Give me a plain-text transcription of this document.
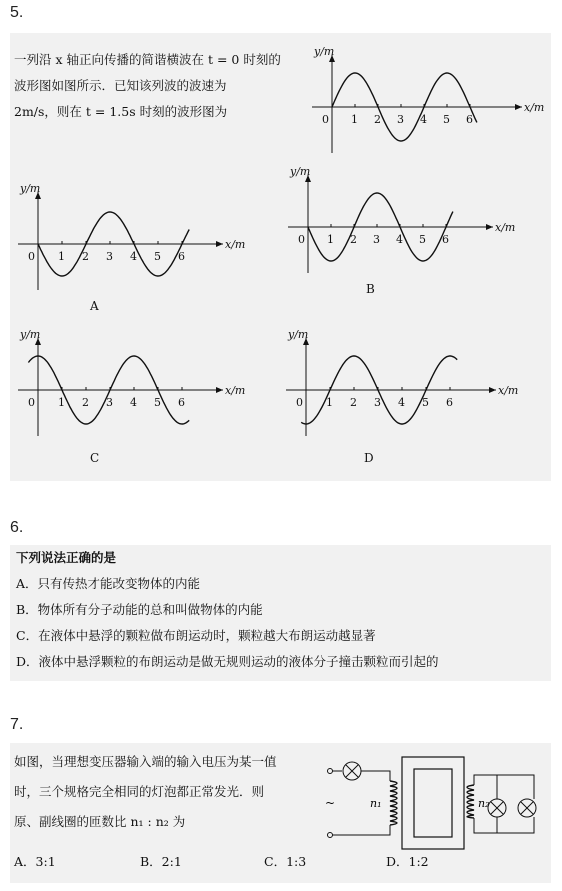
5.
一列沿 x 轴正向传播的简谐横波在 t = 0 时刻的
波形图如图所示．已知该列波的波速为
2m/s，则在 t = 1.5s 时刻的波形图为
y/m
x/m
0 1 2 3 4 5 6
y/m
x/m
0 1 2 3 4 5 6
A
y/m
x/m
0 1 2 3 4 5 6
B
y/m
x/m
0 1 2 3 4 5 6
C
y/m
x/m
0 1 2 3 4 5 6
D
6.
下列说法正确的是
A．只有传热才能改变物体的内能
B．物体所有分子动能的总和叫做物体的内能
C．在液体中悬浮的颗粒做布朗运动时，颗粒越大布朗运动越显著
D．液体中悬浮颗粒的布朗运动是做无规则运动的液体分子撞击颗粒而引起的
7.
如图，当理想变压器输入端的输入电压为某一值
时，三个规格完全相同的灯泡都正常发光．则
原、副线圈的匝数比 n₁ : n₂ 为
A．3:1	B．2:1	C．1:3	D．1:2
~	n₁	n₂
